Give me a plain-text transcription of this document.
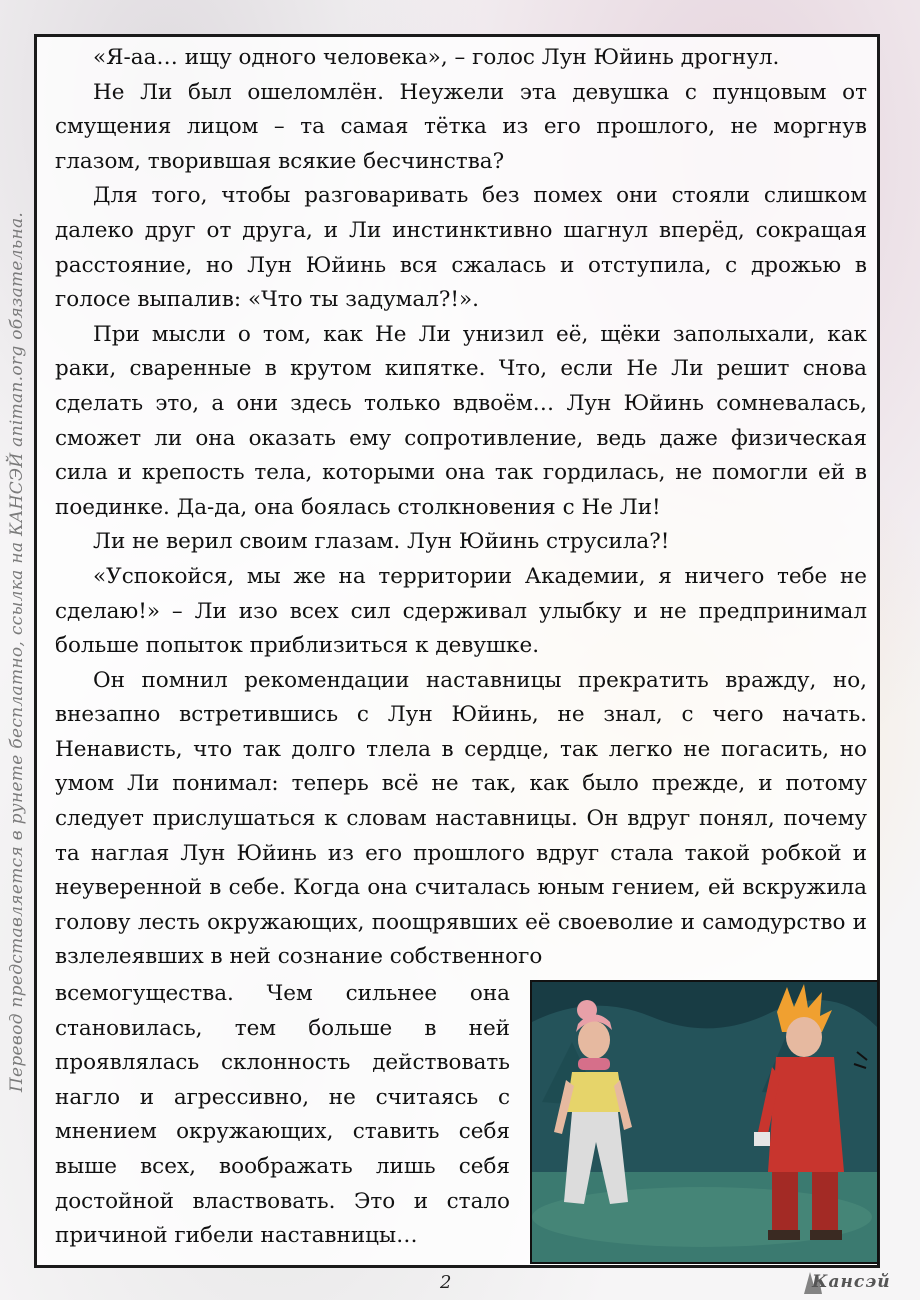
Перевод представляется в рунете бесплатно, ссылка на КАНСЭЙ animan.org обязательна.

«Я-аа… ищу одного человека», – голос Лун Юйинь дрогнул.

Не Ли был ошеломлён. Неужели эта девушка с пунцовым от смущения лицом – та самая тётка из его прошлого, не моргнув глазом, творившая всякие бесчинства?

Для того, чтобы разговаривать без помех они стояли слишком далеко друг от друга, и Ли инстинктивно шагнул вперёд, сокращая расстояние, но Лун Юйинь вся сжалась и отступила, с дрожью в голосе выпалив: «Что ты задумал?!».

При мысли о том, как Не Ли унизил её, щёки заполыхали, как раки, сваренные в крутом кипятке. Что, если Не Ли решит снова сделать это, а они здесь только вдвоём… Лун Юйинь сомневалась, сможет ли она оказать ему сопротивление, ведь даже физическая сила и крепость тела, которыми она так гордилась, не помогли ей в поединке. Да-да, она боялась столкновения с Не Ли!

Ли не верил своим глазам. Лун Юйинь струсила?!

«Успокойся, мы же на территории Академии, я ничего тебе не сделаю!» – Ли изо всех сил сдерживал улыбку и не предпринимал больше попыток приблизиться к девушке.

Он помнил рекомендации наставницы прекратить вражду, но, внезапно встретившись с Лун Юйинь, не знал, с чего начать. Ненависть, что так долго тлела в сердце, так легко не погасить, но умом Ли понимал: теперь всё не так, как было прежде, и потому следует прислушаться к словам наставницы. Он вдруг понял, почему та наглая Лун Юйинь из его прошлого вдруг стала такой робкой и неуверенной в себе. Когда она считалась юным гением, ей вскружила голову лесть окружающих, поощрявших её своеволие и самодурство и взлелеявших в ней сознание собственного

всемогущества. Чем сильнее она становилась, тем больше в ней проявлялась склонность действовать нагло и агрессивно, не считаясь с мнением окружающих, ставить себя выше всех, воображать лишь себя достойной властвовать. Это и стало причиной гибели наставницы…

2	Кансэй
